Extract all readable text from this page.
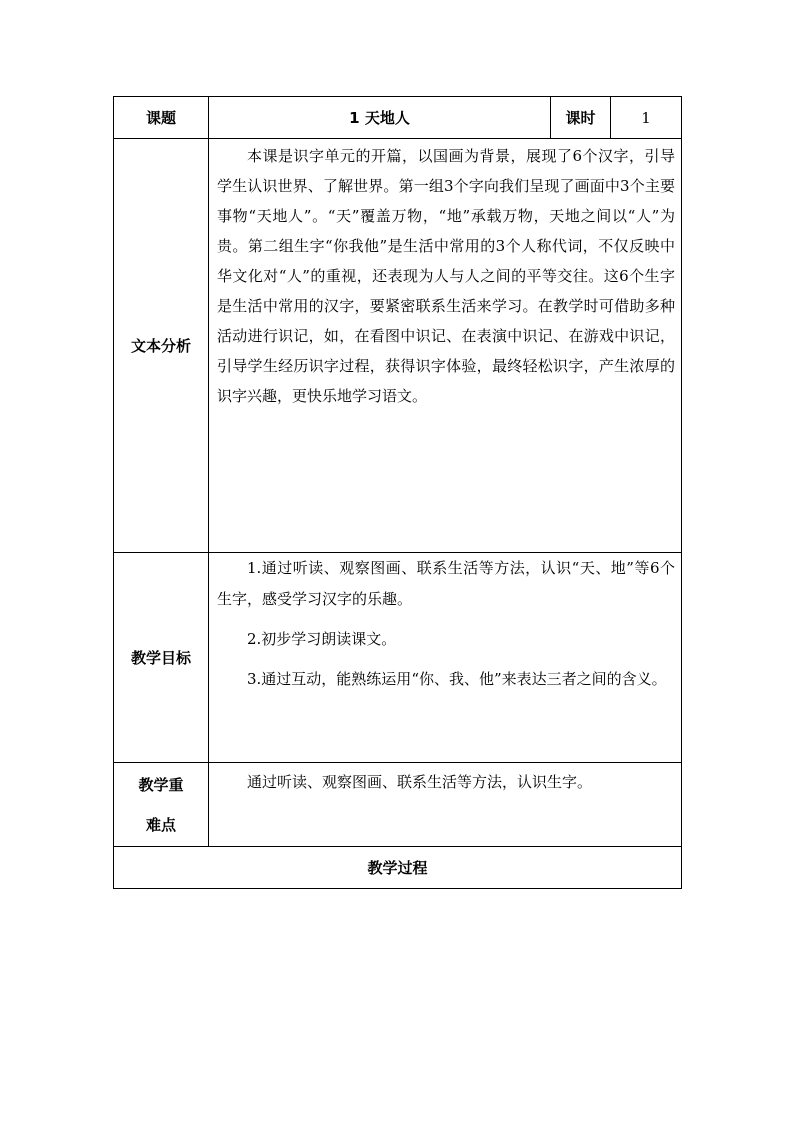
课题	1 天地人	课时	1
文本分析	本课是识字单元的开篇，以国画为背景，展现了6个汉字，引导学生认识世界、了解世界。第一组3个字向我们呈现了画面中3个主要事物“天地人”。“天”覆盖万物，“地”承载万物，天地之间以“人”为贵。第二组生字“你我他”是生活中常用的3个人称代词，不仅反映中华文化对“人”的重视，还表现为人与人之间的平等交往。这6个生字是生活中常用的汉字，要紧密联系生活来学习。在教学时可借助多种活动进行识记，如，在看图中识记、在表演中识记、在游戏中识记，引导学生经历识字过程，获得识字体验，最终轻松识字，产生浓厚的识字兴趣，更快乐地学习语文。		

教学目标	1.通过听读、观察图画、联系生活等方法，认识“天、地”等6个生字，感受学习汉字的乐趣。

2.初步学习朗读课文。

3.通过互动，能熟练运用“你、我、他”来表达三者之间的含义。		

教学重难点	通过听读、观察图画、联系生活等方法，认识生字。		

教学过程			
